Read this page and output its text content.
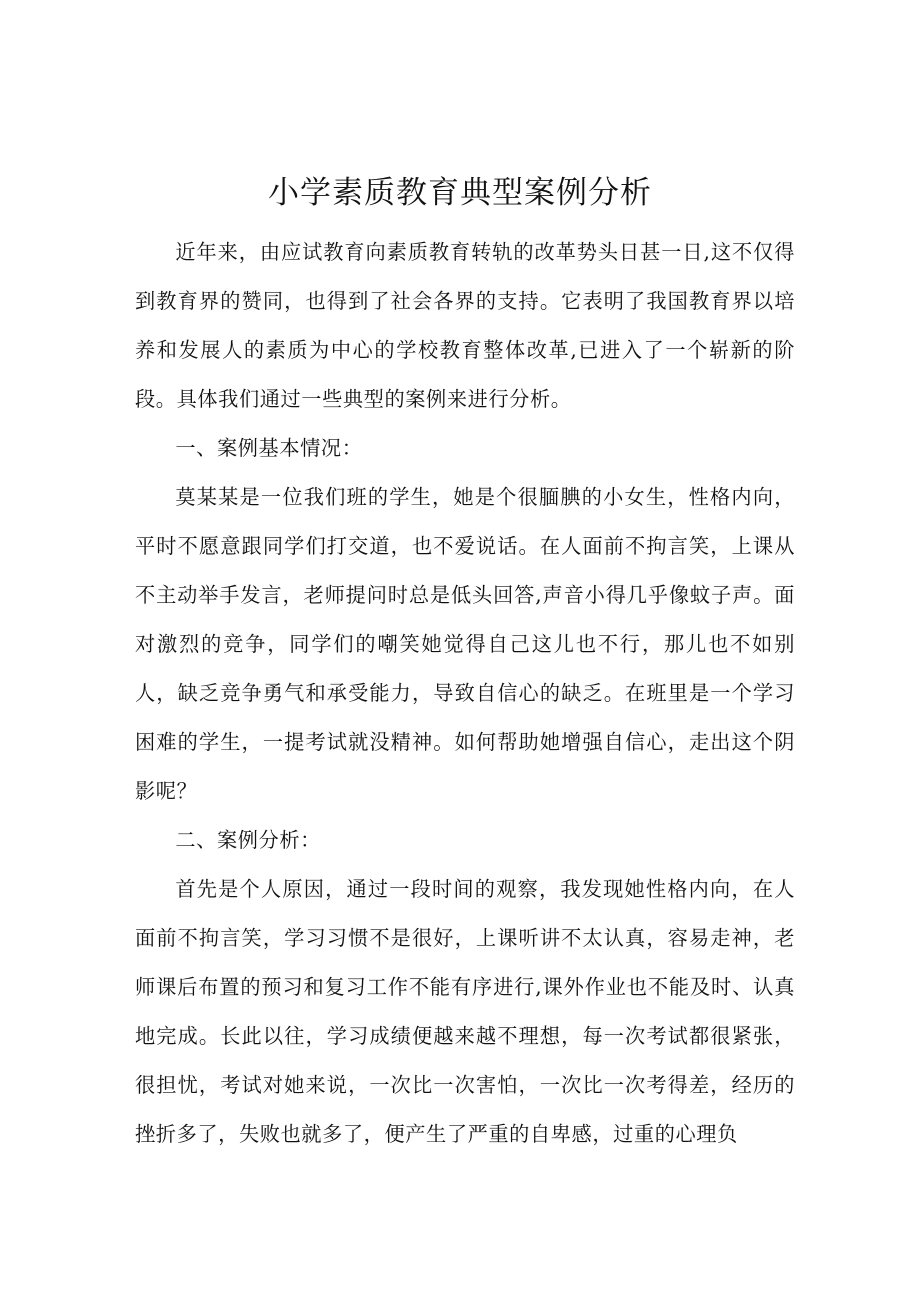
小学素质教育典型案例分析

近年来，由应试教育向素质教育转轨的改革势头日甚一日,这不仅得到教育界的赞同，也得到了社会各界的支持。它表明了我国教育界以培养和发展人的素质为中心的学校教育整体改革,已进入了一个崭新的阶段。具体我们通过一些典型的案例来进行分析。

一、案例基本情况：

莫某某是一位我们班的学生，她是个很腼腆的小女生，性格内向，平时不愿意跟同学们打交道，也不爱说话。在人面前不拘言笑，上课从不主动举手发言，老师提问时总是低头回答,声音小得几乎像蚊子声。面对激烈的竞争，同学们的嘲笑她觉得自己这儿也不行，那儿也不如别人，缺乏竞争勇气和承受能力，导致自信心的缺乏。在班里是一个学习困难的学生，一提考试就没精神。如何帮助她增强自信心，走出这个阴影呢？

二、案例分析：

首先是个人原因，通过一段时间的观察，我发现她性格内向，在人面前不拘言笑，学习习惯不是很好，上课听讲不太认真，容易走神，老师课后布置的预习和复习工作不能有序进行,课外作业也不能及时、认真地完成。长此以往，学习成绩便越来越不理想，每一次考试都很紧张，很担忧，考试对她来说，一次比一次害怕，一次比一次考得差，经历的挫折多了，失败也就多了，便产生了严重的自卑感，过重的心理负
